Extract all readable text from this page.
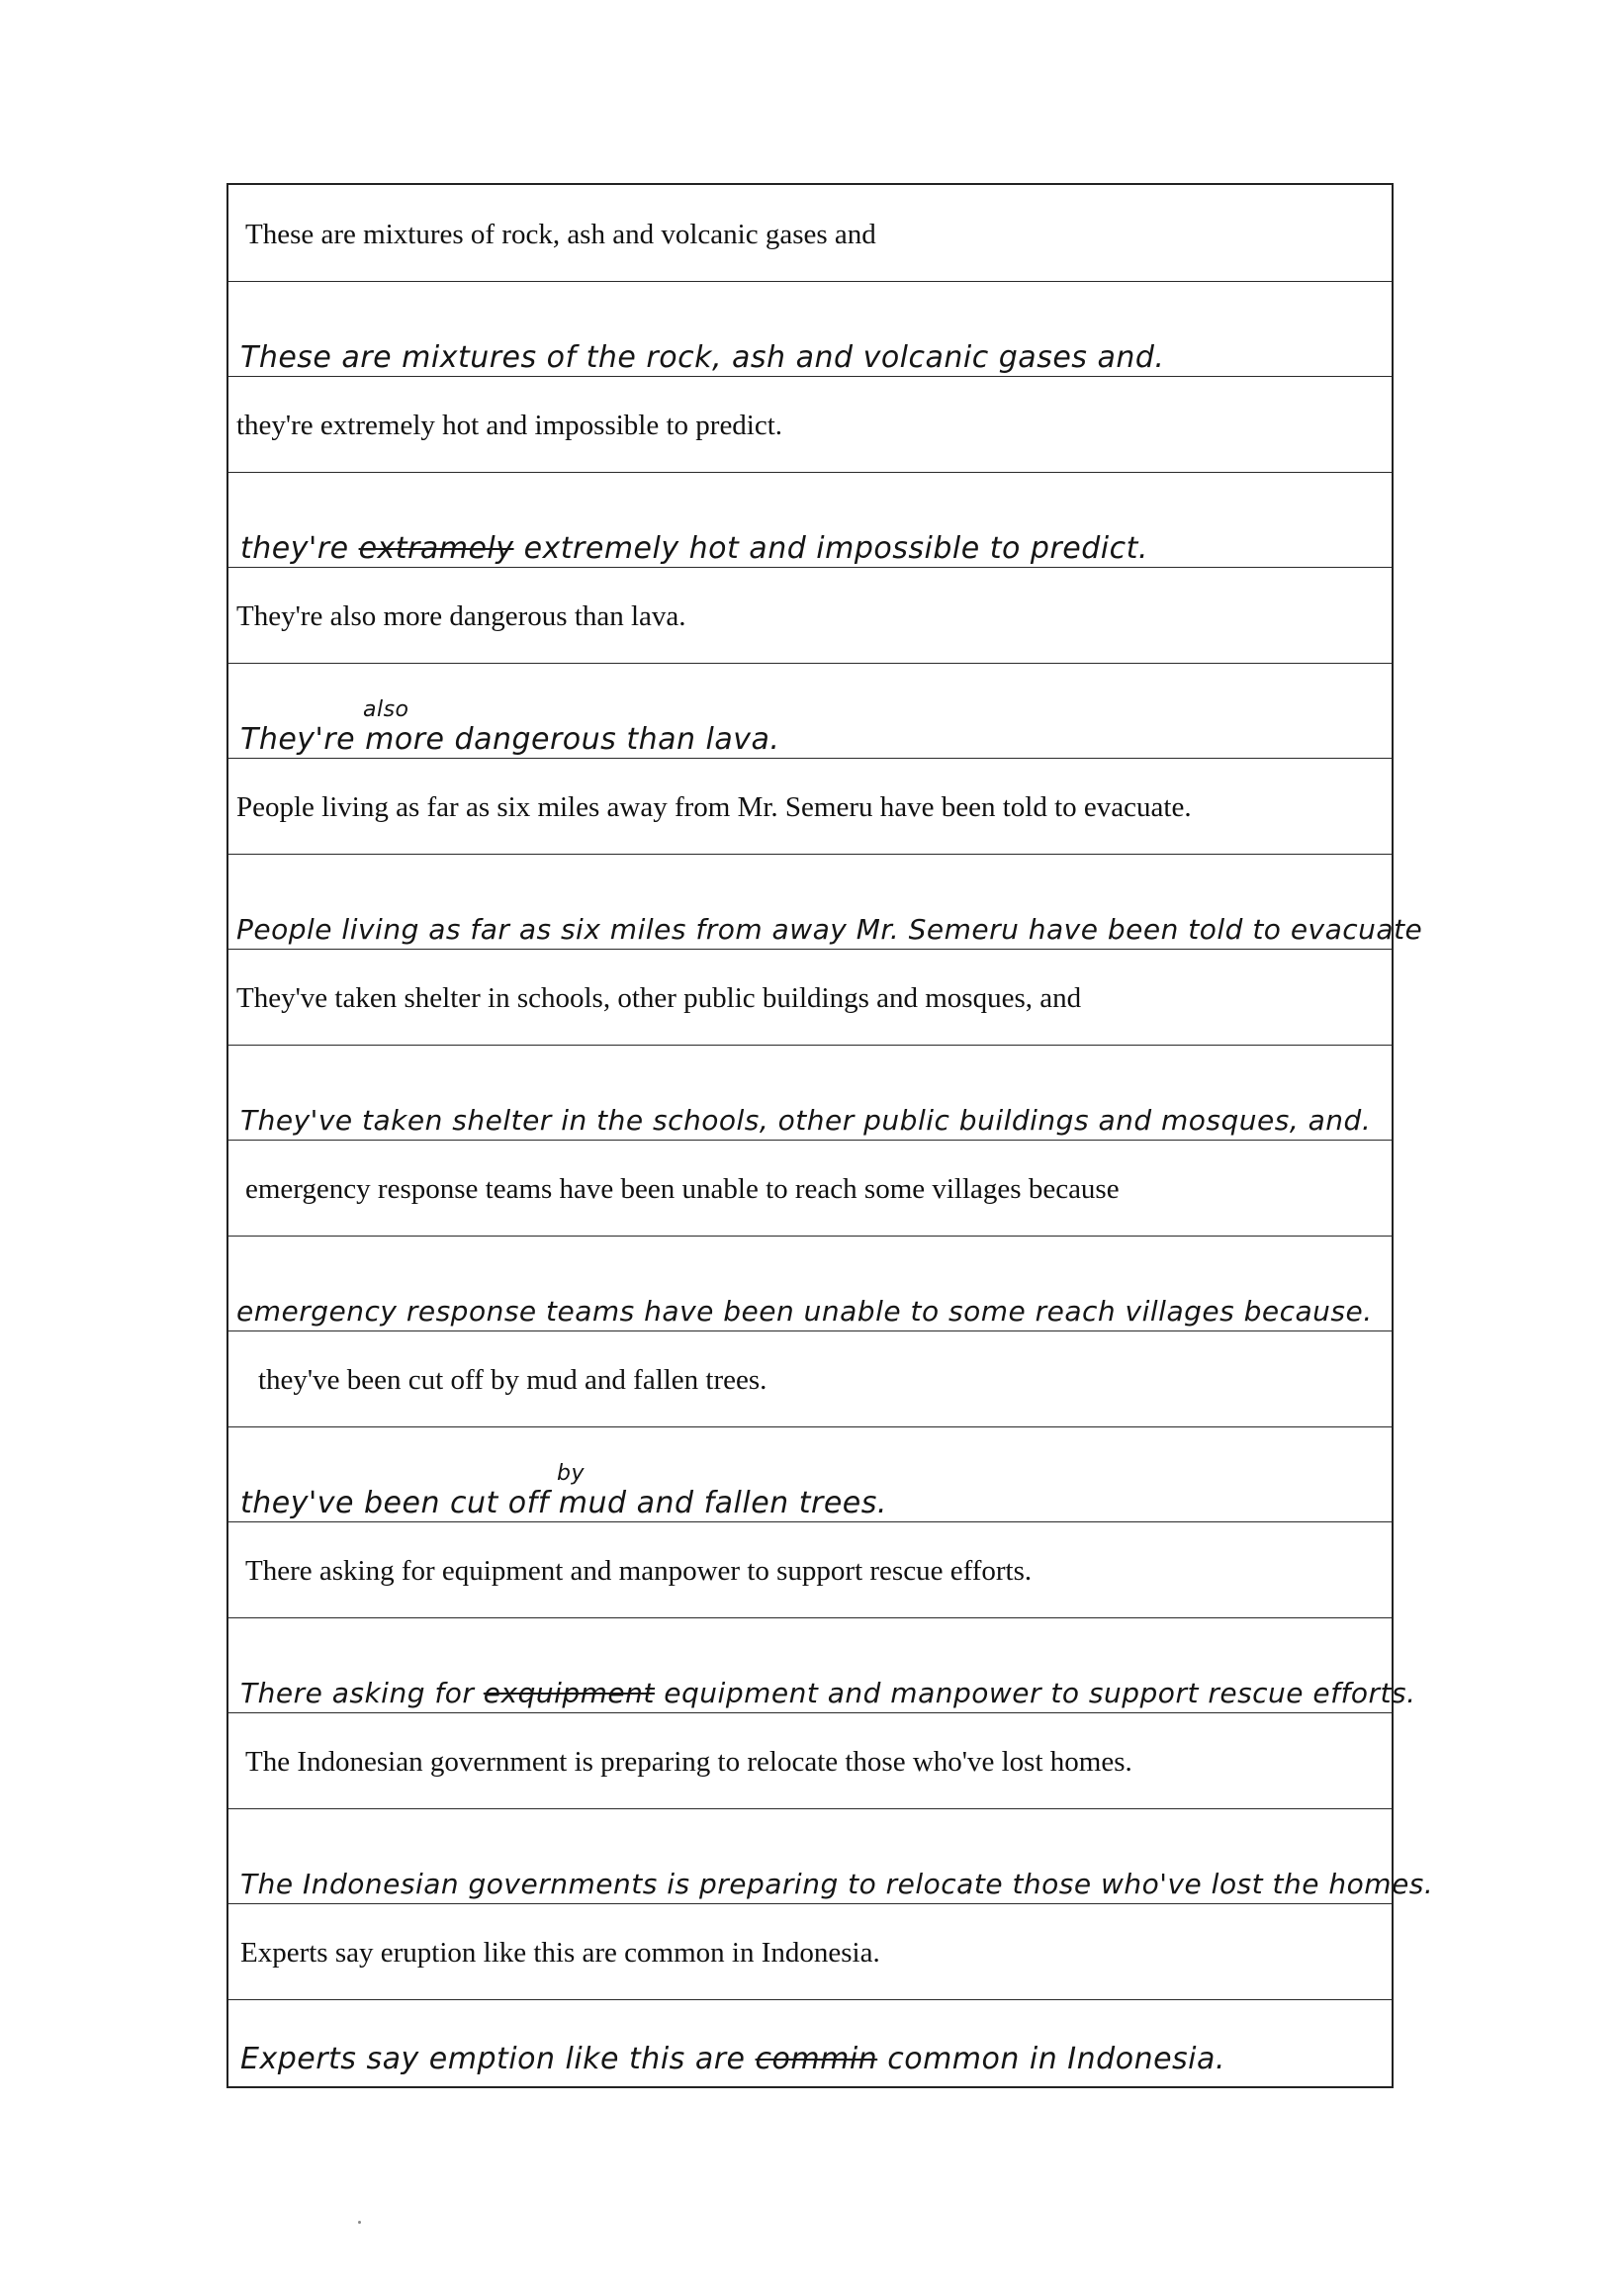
These are mixtures of rock, ash and volcanic gases and
These are mixtures of the rock, ash and volcanic gases and.
they're extremely hot and impossible to predict.
they're extramely extremely hot and impossible to predict.
They're also more dangerous than lava.
They're more dangerous than lava.
also
People living as far as six miles away from Mr. Semeru have been told to evacuate.
People living as far as six miles from away Mr. Semeru have been told to evacuate
They've taken shelter in schools, other public buildings and mosques, and
They've taken shelter in the schools, other public buildings and mosques, and.
emergency response teams have been unable to reach some villages because
emergency response teams have been unable to some reach villages because.
they've been cut off by mud and fallen trees.
they've been cut off mud and fallen trees.
by
There asking for equipment and manpower to support rescue efforts.
There asking for exquipment equipment and manpower to support rescue efforts.
The Indonesian government is preparing to relocate those who've lost homes.
The Indonesian governments is preparing to relocate those who've lost the homes.
Experts say eruption like this are common in Indonesia.
Experts say emption like this are commin common in Indonesia.
